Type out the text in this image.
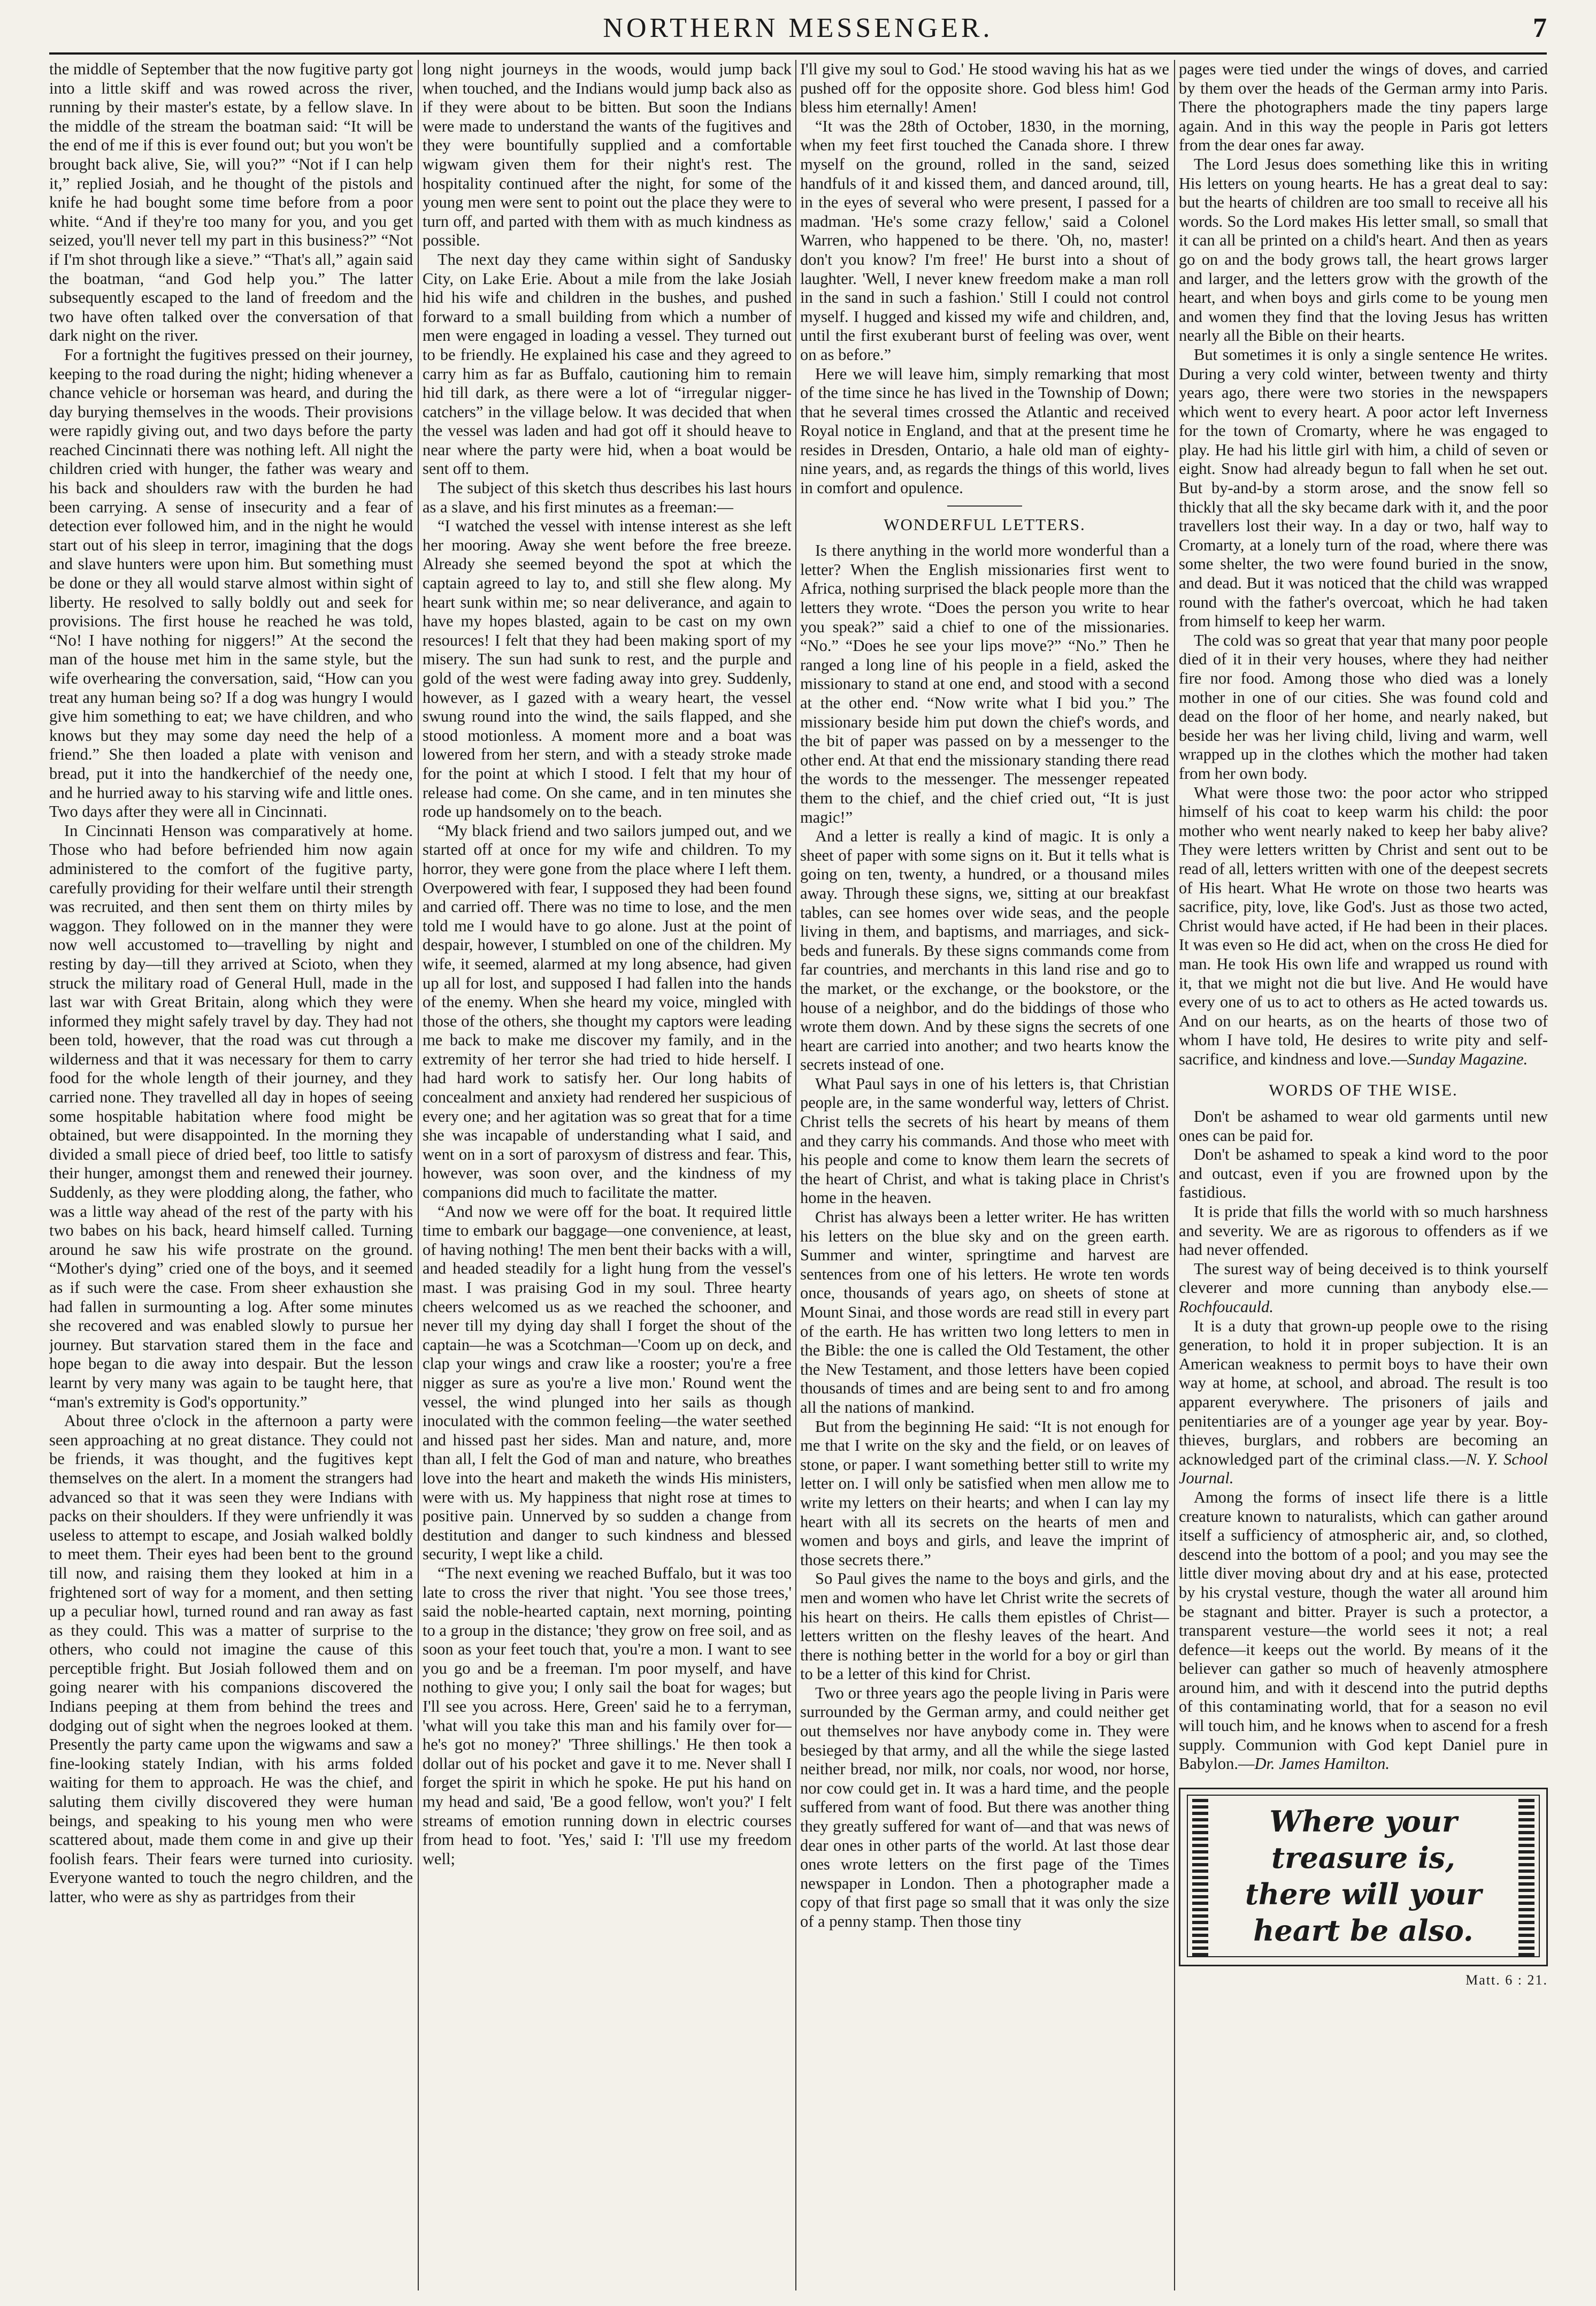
NORTHERN MESSENGER.	7

the middle of September that the now fugitive party got into a little skiff and was rowed across the river, running by their master's estate, by a fellow slave. In the middle of the stream the boatman said: “It will be the end of me if this is ever found out; but you won't be brought back alive, Sie, will you?” “Not if I can help it,” replied Josiah, and he thought of the pistols and knife he had bought some time before from a poor white. “And if they're too many for you, and you get seized, you'll never tell my part in this business?” “Not if I'm shot through like a sieve.” “That's all,” again said the boatman, “and God help you.” The latter subsequently escaped to the land of freedom and the two have often talked over the conversation of that dark night on the river.

For a fortnight the fugitives pressed on their journey, keeping to the road during the night; hiding whenever a chance vehicle or horseman was heard, and during the day burying themselves in the woods. Their provisions were rapidly giving out, and two days before the party reached Cincinnati there was nothing left. All night the children cried with hunger, the father was weary and his back and shoulders raw with the burden he had been carrying. A sense of insecurity and a fear of detection ever followed him, and in the night he would start out of his sleep in terror, imagining that the dogs and slave hunters were upon him. But something must be done or they all would starve almost within sight of liberty. He resolved to sally boldly out and seek for provisions. The first house he reached he was told, “No! I have nothing for niggers!” At the second the man of the house met him in the same style, but the wife overhearing the conversation, said, “How can you treat any human being so? If a dog was hungry I would give him something to eat; we have children, and who knows but they may some day need the help of a friend.” She then loaded a plate with venison and bread, put it into the handkerchief of the needy one, and he hurried away to his starving wife and little ones. Two days after they were all in Cincinnati.

In Cincinnati Henson was comparatively at home. Those who had before befriended him now again administered to the comfort of the fugitive party, carefully providing for their welfare until their strength was recruited, and then sent them on thirty miles by waggon. They followed on in the manner they were now well accustomed to—travelling by night and resting by day—till they arrived at Scioto, when they struck the military road of General Hull, made in the last war with Great Britain, along which they were informed they might safely travel by day. They had not been told, however, that the road was cut through a wilderness and that it was necessary for them to carry food for the whole length of their journey, and they carried none. They travelled all day in hopes of seeing some hospitable habitation where food might be obtained, but were disappointed. In the morning they divided a small piece of dried beef, too little to satisfy their hunger, amongst them and renewed their journey. Suddenly, as they were plodding along, the father, who was a little way ahead of the rest of the party with his two babes on his back, heard himself called. Turning around he saw his wife prostrate on the ground. “Mother's dying” cried one of the boys, and it seemed as if such were the case. From sheer exhaustion she had fallen in surmounting a log. After some minutes she recovered and was enabled slowly to pursue her journey. But starvation stared them in the face and hope began to die away into despair. But the lesson learnt by very many was again to be taught here, that “man's extremity is God's opportunity.”

About three o'clock in the afternoon a party were seen approaching at no great distance. They could not be friends, it was thought, and the fugitives kept themselves on the alert. In a moment the strangers had advanced so that it was seen they were Indians with packs on their shoulders. If they were unfriendly it was useless to attempt to escape, and Josiah walked boldly to meet them. Their eyes had been bent to the ground till now, and raising them they looked at him in a frightened sort of way for a moment, and then setting up a peculiar howl, turned round and ran away as fast as they could. This was a matter of surprise to the others, who could not imagine the cause of this perceptible fright. But Josiah followed them and on going nearer with his companions discovered the Indians peeping at them from behind the trees and dodging out of sight when the negroes looked at them. Presently the party came upon the wigwams and saw a fine-looking stately Indian, with his arms folded waiting for them to approach. He was the chief, and saluting them civilly discovered they were human beings, and speaking to his young men who were scattered about, made them come in and give up their foolish fears. Their fears were turned into curiosity. Everyone wanted to touch the negro children, and the latter, who were as shy as partridges from their

long night journeys in the woods, would jump back when touched, and the Indians would jump back also as if they were about to be bitten. But soon the Indians were made to understand the wants of the fugitives and they were bountifully supplied and a comfortable wigwam given them for their night's rest. The hospitality continued after the night, for some of the young men were sent to point out the place they were to turn off, and parted with them with as much kindness as possible.

The next day they came within sight of Sandusky City, on Lake Erie. About a mile from the lake Josiah hid his wife and children in the bushes, and pushed forward to a small building from which a number of men were engaged in loading a vessel. They turned out to be friendly. He explained his case and they agreed to carry him as far as Buffalo, cautioning him to remain hid till dark, as there were a lot of “irregular nigger-catchers” in the village below. It was decided that when the vessel was laden and had got off it should heave to near where the party were hid, when a boat would be sent off to them.

The subject of this sketch thus describes his last hours as a slave, and his first minutes as a freeman:—

“I watched the vessel with intense interest as she left her mooring. Away she went before the free breeze. Already she seemed beyond the spot at which the captain agreed to lay to, and still she flew along. My heart sunk within me; so near deliverance, and again to have my hopes blasted, again to be cast on my own resources! I felt that they had been making sport of my misery. The sun had sunk to rest, and the purple and gold of the west were fading away into grey. Suddenly, however, as I gazed with a weary heart, the vessel swung round into the wind, the sails flapped, and she stood motionless. A moment more and a boat was lowered from her stern, and with a steady stroke made for the point at which I stood. I felt that my hour of release had come. On she came, and in ten minutes she rode up handsomely on to the beach.

“My black friend and two sailors jumped out, and we started off at once for my wife and children. To my horror, they were gone from the place where I left them. Overpowered with fear, I supposed they had been found and carried off. There was no time to lose, and the men told me I would have to go alone. Just at the point of despair, however, I stumbled on one of the children. My wife, it seemed, alarmed at my long absence, had given up all for lost, and supposed I had fallen into the hands of the enemy. When she heard my voice, mingled with those of the others, she thought my captors were leading me back to make me discover my family, and in the extremity of her terror she had tried to hide herself. I had hard work to satisfy her. Our long habits of concealment and anxiety had rendered her suspicious of every one; and her agitation was so great that for a time she was incapable of understanding what I said, and went on in a sort of paroxysm of distress and fear. This, however, was soon over, and the kindness of my companions did much to facilitate the matter.

“And now we were off for the boat. It required little time to embark our baggage—one convenience, at least, of having nothing! The men bent their backs with a will, and headed steadily for a light hung from the vessel's mast. I was praising God in my soul. Three hearty cheers welcomed us as we reached the schooner, and never till my dying day shall I forget the shout of the captain—he was a Scotchman—'Coom up on deck, and clap your wings and craw like a rooster; you're a free nigger as sure as you're a live mon.' Round went the vessel, the wind plunged into her sails as though inoculated with the common feeling—the water seethed and hissed past her sides. Man and nature, and, more than all, I felt the God of man and nature, who breathes love into the heart and maketh the winds His ministers, were with us. My happiness that night rose at times to positive pain. Unnerved by so sudden a change from destitution and danger to such kindness and blessed security, I wept like a child.

“The next evening we reached Buffalo, but it was too late to cross the river that night. 'You see those trees,' said the noble-hearted captain, next morning, pointing to a group in the distance; 'they grow on free soil, and as soon as your feet touch that, you're a mon. I want to see you go and be a freeman. I'm poor myself, and have nothing to give you; I only sail the boat for wages; but I'll see you across. Here, Green' said he to a ferryman, 'what will you take this man and his family over for—he's got no money?' 'Three shillings.' He then took a dollar out of his pocket and gave it to me. Never shall I forget the spirit in which he spoke. He put his hand on my head and said, 'Be a good fellow, won't you?' I felt streams of emotion running down in electric courses from head to foot. 'Yes,' said I: 'I'll use my freedom well;

I'll give my soul to God.' He stood waving his hat as we pushed off for the opposite shore. God bless him! God bless him eternally! Amen!

“It was the 28th of October, 1830, in the morning, when my feet first touched the Canada shore. I threw myself on the ground, rolled in the sand, seized handfuls of it and kissed them, and danced around, till, in the eyes of several who were present, I passed for a madman. 'He's some crazy fellow,' said a Colonel Warren, who happened to be there. 'Oh, no, master! don't you know? I'm free!' He burst into a shout of laughter. 'Well, I never knew freedom make a man roll in the sand in such a fashion.' Still I could not control myself. I hugged and kissed my wife and children, and, until the first exuberant burst of feeling was over, went on as before.”

Here we will leave him, simply remarking that most of the time since he has lived in the Township of Down; that he several times crossed the Atlantic and received Royal notice in England, and that at the present time he resides in Dresden, Ontario, a hale old man of eighty-nine years, and, as regards the things of this world, lives in comfort and opulence.

WONDERFUL LETTERS.

Is there anything in the world more wonderful than a letter? When the English missionaries first went to Africa, nothing surprised the black people more than the letters they wrote. “Does the person you write to hear you speak?” said a chief to one of the missionaries. “No.” “Does he see your lips move?” “No.” Then he ranged a long line of his people in a field, asked the missionary to stand at one end, and stood with a second at the other end. “Now write what I bid you.” The missionary beside him put down the chief's words, and the bit of paper was passed on by a messenger to the other end. At that end the missionary standing there read the words to the messenger. The messenger repeated them to the chief, and the chief cried out, “It is just magic!”

And a letter is really a kind of magic. It is only a sheet of paper with some signs on it. But it tells what is going on ten, twenty, a hundred, or a thousand miles away. Through these signs, we, sitting at our breakfast tables, can see homes over wide seas, and the people living in them, and baptisms, and marriages, and sick-beds and funerals. By these signs commands come from far countries, and merchants in this land rise and go to the market, or the exchange, or the bookstore, or the house of a neighbor, and do the biddings of those who wrote them down. And by these signs the secrets of one heart are carried into another; and two hearts know the secrets instead of one.

What Paul says in one of his letters is, that Christian people are, in the same wonderful way, letters of Christ. Christ tells the secrets of his heart by means of them and they carry his commands. And those who meet with his people and come to know them learn the secrets of the heart of Christ, and what is taking place in Christ's home in the heaven.

Christ has always been a letter writer. He has written his letters on the blue sky and on the green earth. Summer and winter, springtime and harvest are sentences from one of his letters. He wrote ten words once, thousands of years ago, on sheets of stone at Mount Sinai, and those words are read still in every part of the earth. He has written two long letters to men in the Bible: the one is called the Old Testament, the other the New Testament, and those letters have been copied thousands of times and are being sent to and fro among all the nations of mankind.

But from the beginning He said: “It is not enough for me that I write on the sky and the field, or on leaves of stone, or paper. I want something better still to write my letter on. I will only be satisfied when men allow me to write my letters on their hearts; and when I can lay my heart with all its secrets on the hearts of men and women and boys and girls, and leave the imprint of those secrets there.”

So Paul gives the name to the boys and girls, and the men and women who have let Christ write the secrets of his heart on theirs. He calls them epistles of Christ—letters written on the fleshy leaves of the heart. And there is nothing better in the world for a boy or girl than to be a letter of this kind for Christ.

Two or three years ago the people living in Paris were surrounded by the German army, and could neither get out themselves nor have anybody come in. They were besieged by that army, and all the while the siege lasted neither bread, nor milk, nor coals, nor wood, nor horse, nor cow could get in. It was a hard time, and the people suffered from want of food. But there was another thing they greatly suffered for want of—and that was news of dear ones in other parts of the world. At last those dear ones wrote letters on the first page of the Times newspaper in London. Then a photographer made a copy of that first page so small that it was only the size of a penny stamp. Then those tiny

pages were tied under the wings of doves, and carried by them over the heads of the German army into Paris. There the photographers made the tiny papers large again. And in this way the people in Paris got letters from the dear ones far away.

The Lord Jesus does something like this in writing His letters on young hearts. He has a great deal to say: but the hearts of children are too small to receive all his words. So the Lord makes His letter small, so small that it can all be printed on a child's heart. And then as years go on and the body grows tall, the heart grows larger and larger, and the letters grow with the growth of the heart, and when boys and girls come to be young men and women they find that the loving Jesus has written nearly all the Bible on their hearts.

But sometimes it is only a single sentence He writes. During a very cold winter, between twenty and thirty years ago, there were two stories in the newspapers which went to every heart. A poor actor left Inverness for the town of Cromarty, where he was engaged to play. He had his little girl with him, a child of seven or eight. Snow had already begun to fall when he set out. But by-and-by a storm arose, and the snow fell so thickly that all the sky became dark with it, and the poor travellers lost their way. In a day or two, half way to Cromarty, at a lonely turn of the road, where there was some shelter, the two were found buried in the snow, and dead. But it was noticed that the child was wrapped round with the father's overcoat, which he had taken from himself to keep her warm.

The cold was so great that year that many poor people died of it in their very houses, where they had neither fire nor food. Among those who died was a lonely mother in one of our cities. She was found cold and dead on the floor of her home, and nearly naked, but beside her was her living child, living and warm, well wrapped up in the clothes which the mother had taken from her own body.

What were those two: the poor actor who stripped himself of his coat to keep warm his child: the poor mother who went nearly naked to keep her baby alive? They were letters written by Christ and sent out to be read of all, letters written with one of the deepest secrets of His heart. What He wrote on those two hearts was sacrifice, pity, love, like God's. Just as those two acted, Christ would have acted, if He had been in their places. It was even so He did act, when on the cross He died for man. He took His own life and wrapped us round with it, that we might not die but live. And He would have every one of us to act to others as He acted towards us. And on our hearts, as on the hearts of those two of whom I have told, He desires to write pity and self-sacrifice, and kindness and love.—Sunday Magazine.

WORDS OF THE WISE.

Don't be ashamed to wear old garments until new ones can be paid for.

Don't be ashamed to speak a kind word to the poor and outcast, even if you are frowned upon by the fastidious.

It is pride that fills the world with so much harshness and severity. We are as rigorous to offenders as if we had never offended.

The surest way of being deceived is to think yourself cleverer and more cunning than anybody else.—Rochfoucauld.

It is a duty that grown-up people owe to the rising generation, to hold it in proper subjection. It is an American weakness to permit boys to have their own way at home, at school, and abroad. The result is too apparent everywhere. The prisoners of jails and penitentiaries are of a younger age year by year. Boy-thieves, burglars, and robbers are becoming an acknowledged part of the criminal class.—N. Y. School Journal.

Among the forms of insect life there is a little creature known to naturalists, which can gather around itself a sufficiency of atmospheric air, and, so clothed, descend into the bottom of a pool; and you may see the little diver moving about dry and at his ease, protected by his crystal vesture, though the water all around him be stagnant and bitter. Prayer is such a protector, a transparent vesture—the world sees it not; a real defence—it keeps out the world. By means of it the believer can gather so much of heavenly atmosphere around him, and with it descend into the putrid depths of this contaminating world, that for a season no evil will touch him, and he knows when to ascend for a fresh supply. Communion with God kept Daniel pure in Babylon.—Dr. James Hamilton.

Where your treasure is,
there will your heart be also.
Matt. 6 : 21.
